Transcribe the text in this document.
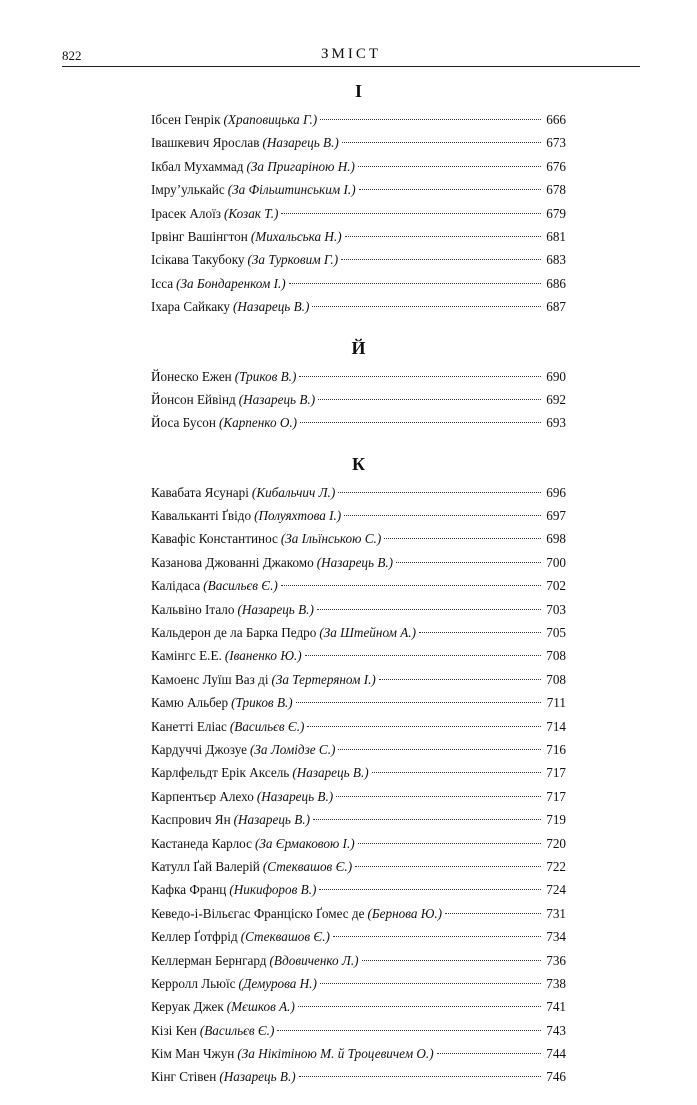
822	ЗМІСТ
І
Ібсен Генрік (Храповицька Г.)	666
Івашкевич Ярослав (Назарець В.)	673
Ікбал Мухаммад (За Пригаріною Н.)	676
Імру’улькайс (За Фільштинським І.)	678
Ірасек Алоїз (Козак Т.)	679
Ірвінг Вашінгтон (Михальська Н.)	681
Ісікава Такубоку (За Турковим Г.)	683
Ісса (За Бондаренком І.)	686
Іхара Сайкаку (Назарець В.)	687
Й
Йонеско Ежен (Триков В.)	690
Йонсон Ейвінд (Назарець В.)	692
Йоса Бусон (Карпенко О.)	693
К
Кавабата Ясунарі (Кибальчич Л.)	696
Кавальканті Ґвідо (Полуяхтова І.)	697
Кавафіс Константинос (За Ільїнською С.)	698
Казанова Джованні Джакомо (Назарець В.)	700
Калідаса (Васильєв Є.)	702
Кальвіно Італо (Назарець В.)	703
Кальдерон де ла Барка Педро (За Штейном А.)	705
Камінгс Е.Е. (Іваненко Ю.)	708
Камоенс Луїш Ваз ді (За Тертеряном І.)	708
Камю Альбер (Триков В.)	711
Канетті Еліас (Васильєв Є.)	714
Кардуччі Джозуе (За Ломідзе С.)	716
Карлфельдт Ерік Аксель (Назарець В.)	717
Карпентьєр Алехо (Назарець В.)	717
Каспрович Ян (Назарець В.)	719
Кастанеда Карлос (За Єрмаковою І.)	720
Катулл Ґай Валерій (Стеквашов Є.)	722
Кафка Франц (Никифоров В.)	724
Кеведо-і-Вільєгас Франціско Ґомес де (Бернова Ю.)	731
Келлер Ґотфрід (Стеквашов Є.)	734
Келлерман Бернгард (Вдовиченко Л.)	736
Керролл Льюїс (Демурова Н.)	738
Керуак Джек (Мєшков А.)	741
Кізі Кен (Васильєв Є.)	743
Кім Ман Чжун (За Нікітіною М. й Троцевичем О.)	744
Кінг Стівен (Назарець В.)	746
